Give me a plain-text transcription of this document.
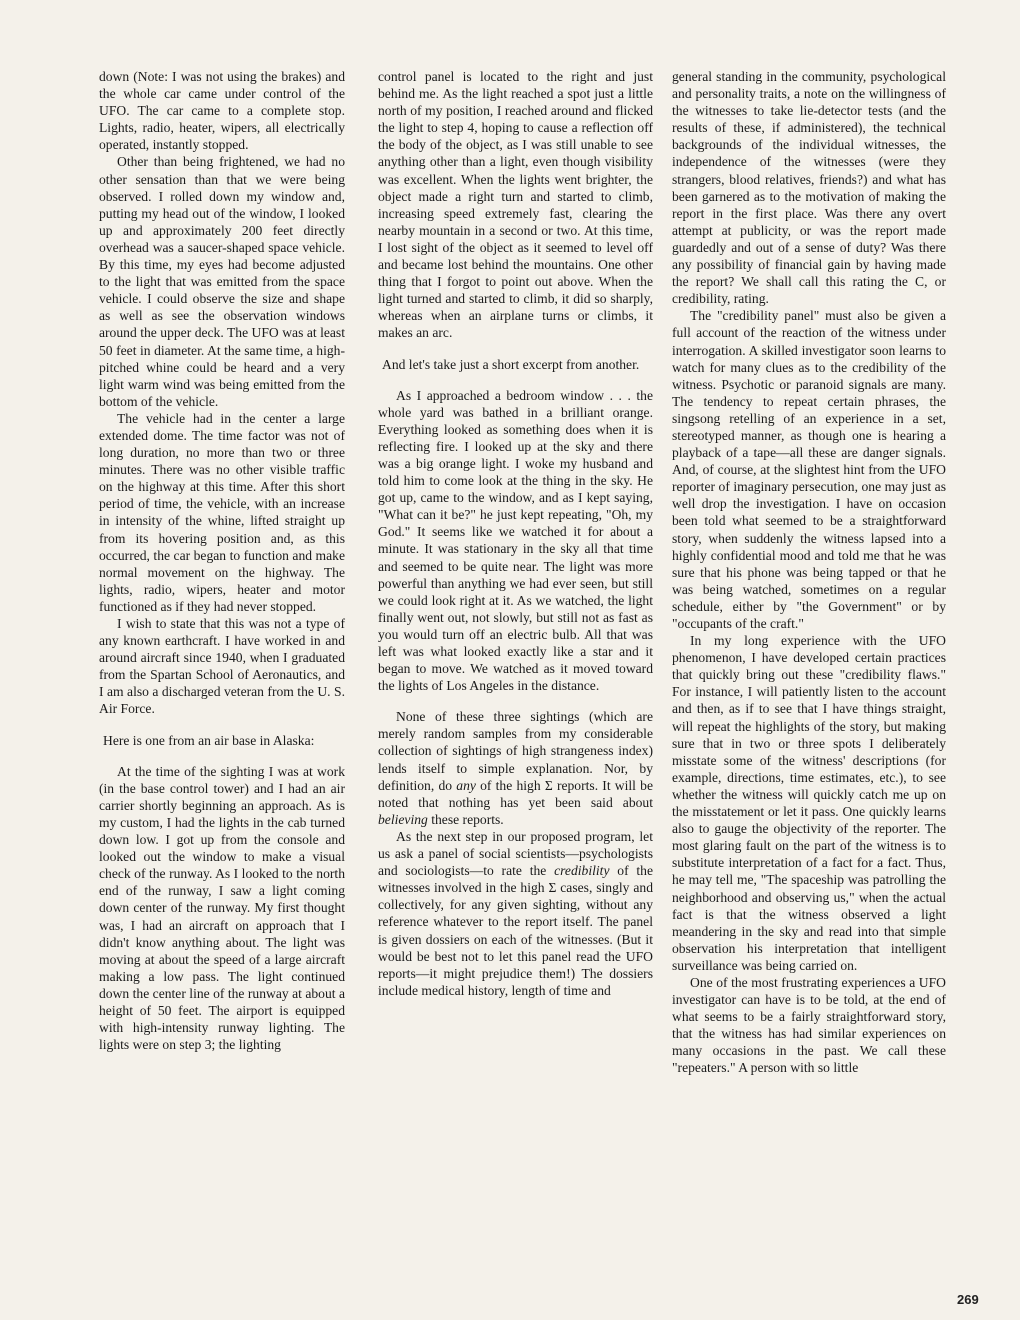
down (Note: I was not using the brakes) and the whole car came under control of the UFO. The car came to a complete stop. Lights, radio, heater, wipers, all electrically operated, instantly stopped.

Other than being frightened, we had no other sensation than that we were being observed. I rolled down my window and, putting my head out of the window, I looked up and approximately 200 feet directly overhead was a saucer-shaped space vehicle. By this time, my eyes had become adjusted to the light that was emitted from the space vehicle. I could observe the size and shape as well as see the observation windows around the upper deck. The UFO was at least 50 feet in diameter. At the same time, a high-pitched whine could be heard and a very light warm wind was being emitted from the bottom of the vehicle.

The vehicle had in the center a large extended dome. The time factor was not of long duration, no more than two or three minutes. There was no other visible traffic on the highway at this time. After this short period of time, the vehicle, with an increase in intensity of the whine, lifted straight up from its hovering position and, as this occurred, the car began to function and make normal movement on the highway. The lights, radio, wipers, heater and motor functioned as if they had never stopped.

I wish to state that this was not a type of any known earthcraft. I have worked in and around aircraft since 1940, when I graduated from the Spartan School of Aeronautics, and I am also a discharged veteran from the U. S. Air Force.

Here is one from an air base in Alaska:

At the time of the sighting I was at work (in the base control tower) and I had an air carrier shortly beginning an approach. As is my custom, I had the lights in the cab turned down low. I got up from the console and looked out the window to make a visual check of the runway. As I looked to the north end of the runway, I saw a light coming down center of the runway. My first thought was, I had an aircraft on approach that I didn't know anything about. The light was moving at about the speed of a large aircraft making a low pass. The light continued down the center line of the runway at about a height of 50 feet. The airport is equipped with high-intensity runway lighting. The lights were on step 3; the lighting

control panel is located to the right and just behind me. As the light reached a spot just a little north of my position, I reached around and flicked the light to step 4, hoping to cause a reflection off the body of the object, as I was still unable to see anything other than a light, even though visibility was excellent. When the lights went brighter, the object made a right turn and started to climb, increasing speed extremely fast, clearing the nearby mountain in a second or two. At this time, I lost sight of the object as it seemed to level off and became lost behind the mountains. One other thing that I forgot to point out above. When the light turned and started to climb, it did so sharply, whereas when an airplane turns or climbs, it makes an arc.

And let's take just a short excerpt from another.

As I approached a bedroom window . . . the whole yard was bathed in a brilliant orange. Everything looked as something does when it is reflecting fire. I looked up at the sky and there was a big orange light. I woke my husband and told him to come look at the thing in the sky. He got up, came to the window, and as I kept saying, "What can it be?" he just kept repeating, "Oh, my God." It seems like we watched it for about a minute. It was stationary in the sky all that time and seemed to be quite near. The light was more powerful than anything we had ever seen, but still we could look right at it. As we watched, the light finally went out, not slowly, but still not as fast as you would turn off an electric bulb. All that was left was what looked exactly like a star and it began to move. We watched as it moved toward the lights of Los Angeles in the distance.

None of these three sightings (which are merely random samples from my considerable collection of sightings of high strangeness index) lends itself to simple explanation. Nor, by definition, do any of the high Σ reports. It will be noted that nothing has yet been said about believing these reports.

As the next step in our proposed program, let us ask a panel of social scientists—psychologists and sociologists—to rate the credibility of the witnesses involved in the high Σ cases, singly and collectively, for any given sighting, without any reference whatever to the report itself. The panel is given dossiers on each of the witnesses. (But it would be best not to let this panel read the UFO reports—it might prejudice them!) The dossiers include medical history, length of time and

general standing in the community, psychological and personality traits, a note on the willingness of the witnesses to take lie-detector tests (and the results of these, if administered), the technical backgrounds of the individual witnesses, the independence of the witnesses (were they strangers, blood relatives, friends?) and what has been garnered as to the motivation of making the report in the first place. Was there any overt attempt at publicity, or was the report made guardedly and out of a sense of duty? Was there any possibility of financial gain by having made the report? We shall call this rating the C, or credibility, rating.

The "credibility panel" must also be given a full account of the reaction of the witness under interrogation. A skilled investigator soon learns to watch for many clues as to the credibility of the witness. Psychotic or paranoid signals are many. The tendency to repeat certain phrases, the singsong retelling of an experience in a set, stereotyped manner, as though one is hearing a playback of a tape—all these are danger signals. And, of course, at the slightest hint from the UFO reporter of imaginary persecution, one may just as well drop the investigation. I have on occasion been told what seemed to be a straightforward story, when suddenly the witness lapsed into a highly confidential mood and told me that he was sure that his phone was being tapped or that he was being watched, sometimes on a regular schedule, either by "the Government" or by "occupants of the craft."

In my long experience with the UFO phenomenon, I have developed certain practices that quickly bring out these "credibility flaws." For instance, I will patiently listen to the account and then, as if to see that I have things straight, will repeat the highlights of the story, but making sure that in two or three spots I deliberately misstate some of the witness' descriptions (for example, directions, time estimates, etc.), to see whether the witness will quickly catch me up on the misstatement or let it pass. One quickly learns also to gauge the objectivity of the reporter. The most glaring fault on the part of the witness is to substitute interpretation of a fact for a fact. Thus, he may tell me, "The spaceship was patrolling the neighborhood and observing us," when the actual fact is that the witness observed a light meandering in the sky and read into that simple observation his interpretation that intelligent surveillance was being carried on.

One of the most frustrating experiences a UFO investigator can have is to be told, at the end of what seems to be a fairly straightforward story, that the witness has had similar experiences on many occasions in the past. We call these "repeaters." A person with so little

269
